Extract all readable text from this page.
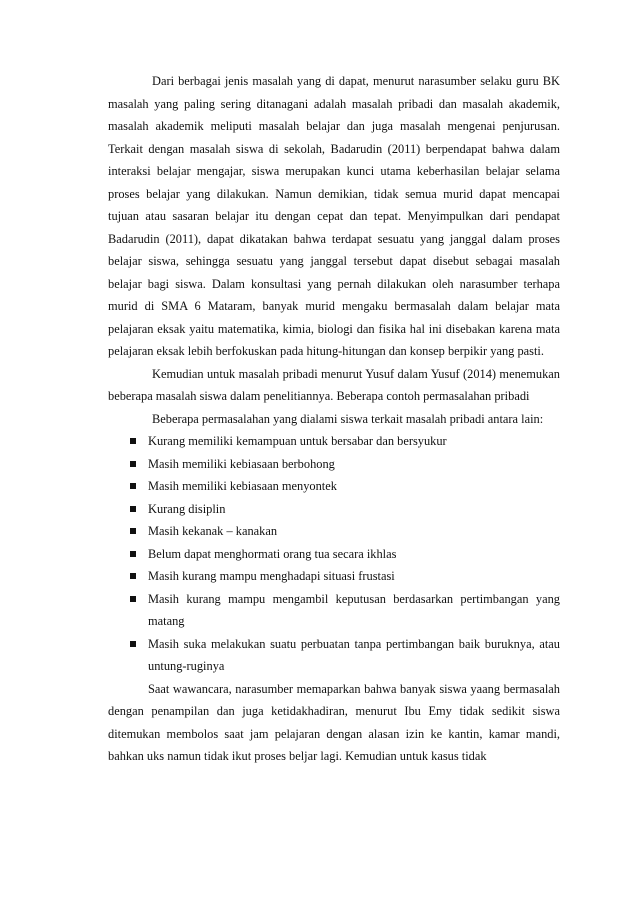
Dari berbagai jenis masalah yang di dapat, menurut narasumber selaku guru BK masalah yang paling sering ditanagani adalah masalah pribadi dan masalah akademik, masalah akademik meliputi masalah belajar dan juga masalah mengenai penjurusan. Terkait dengan masalah siswa di sekolah, Badarudin (2011) berpendapat bahwa dalam interaksi belajar mengajar, siswa merupakan kunci utama keberhasilan belajar selama proses belajar yang dilakukan. Namun demikian, tidak semua murid dapat mencapai tujuan atau sasaran belajar itu dengan cepat dan tepat. Menyimpulkan dari pendapat Badarudin (2011), dapat dikatakan bahwa terdapat sesuatu yang janggal dalam proses belajar siswa, sehingga sesuatu yang janggal tersebut dapat disebut sebagai masalah belajar bagi siswa. Dalam konsultasi yang pernah dilakukan oleh narasumber terhapa murid di SMA 6 Mataram, banyak murid mengaku bermasalah dalam belajar mata pelajaran eksak yaitu matematika, kimia, biologi dan fisika hal ini disebakan karena mata pelajaran eksak lebih berfokuskan pada hitung-hitungan dan konsep berpikir yang pasti.

Kemudian untuk masalah pribadi menurut Yusuf dalam Yusuf (2014) menemukan beberapa masalah siswa dalam penelitiannya. Beberapa contoh permasalahan pribadi

Beberapa permasalahan yang dialami siswa terkait masalah pribadi antara lain:

Kurang memiliki kemampuan untuk bersabar dan bersyukur
Masih memiliki kebiasaan berbohong
Masih memiliki kebiasaan menyontek
Kurang disiplin
Masih kekanak – kanakan
Belum dapat menghormati orang tua secara ikhlas
Masih kurang mampu menghadapi situasi frustasi
Masih kurang mampu mengambil keputusan berdasarkan pertimbangan yang matang
Masih suka melakukan suatu perbuatan tanpa pertimbangan baik buruknya, atau untung-ruginya

Saat wawancara, narasumber memaparkan bahwa banyak siswa yaang bermasalah dengan penampilan dan juga ketidakhadiran, menurut Ibu Emy tidak sedikit siswa ditemukan membolos saat jam pelajaran dengan alasan izin ke kantin, kamar mandi, bahkan uks namun tidak ikut proses beljar lagi. Kemudian untuk kasus tidak
